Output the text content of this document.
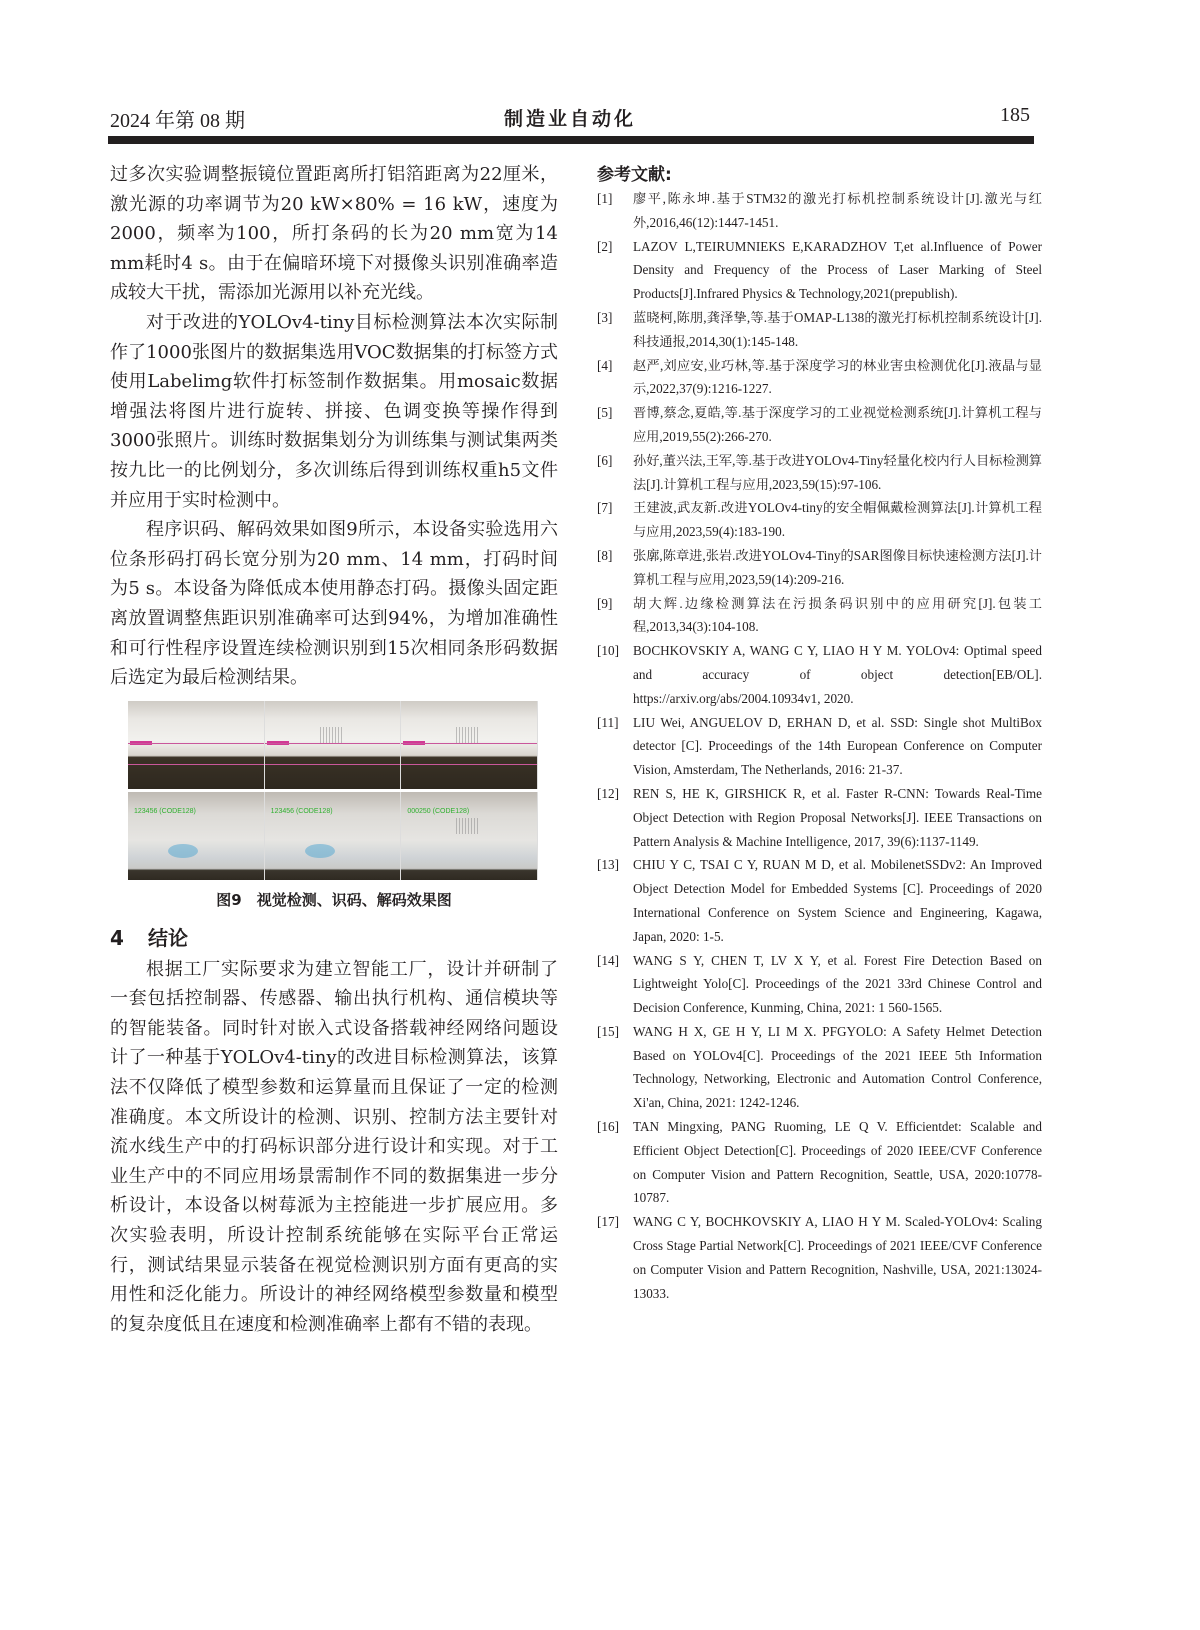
2024 年第 08 期	制造业自动化	185

过多次实验调整振镜位置距离所打铝箔距离为22厘米，激光源的功率调节为20 kW×80% = 16 kW，速度为2000，频率为100，所打条码的长为20 mm宽为14 mm耗时4 s。由于在偏暗环境下对摄像头识别准确率造成较大干扰，需添加光源用以补充光线。

对于改进的YOLOv4-tiny目标检测算法本次实际制作了1000张图片的数据集选用VOC数据集的打标签方式使用Labelimg软件打标签制作数据集。用mosaic数据增强法将图片进行旋转、拼接、色调变换等操作得到3000张照片。训练时数据集划分为训练集与测试集两类按九比一的比例划分，多次训练后得到训练权重h5文件并应用于实时检测中。

程序识码、解码效果如图9所示，本设备实验选用六位条形码打码长宽分别为20 mm、14 mm，打码时间为5 s。本设备为降低成本使用静态打码。摄像头固定距离放置调整焦距识别准确率可达到94%，为增加准确性和可行性程序设置连续检测识别到15次相同条形码数据后选定为最后检测结果。

123456 (CODE128)	123456 (CODE128)	000250 (CODE128)
图9　视觉检测、识码、解码效果图
4 结论

根据工厂实际要求为建立智能工厂，设计并研制了一套包括控制器、传感器、输出执行机构、通信模块等的智能装备。同时针对嵌入式设备搭载神经网络问题设计了一种基于YOLOv4-tiny的改进目标检测算法，该算法不仅降低了模型参数和运算量而且保证了一定的检测准确度。本文所设计的检测、识别、控制方法主要针对流水线生产中的打码标识部分进行设计和实现。对于工业生产中的不同应用场景需制作不同的数据集进一步分析设计，本设备以树莓派为主控能进一步扩展应用。多次实验表明，所设计控制系统能够在实际平台正常运行，测试结果显示装备在视觉检测识别方面有更高的实用性和泛化能力。所设计的神经网络模型参数量和模型的复杂度低且在速度和检测准确率上都有不错的表现。

参考文献:
[1]	廖平,陈永坤.基于STM32的激光打标机控制系统设计[J].激光与红外,2016,46(12):1447-1451.
[2]	LAZOV L,TEIRUMNIEKS E,KARADZHOV T,et al.Influence of Power Density and Frequency of the Process of Laser Marking of Steel Products[J].Infrared Physics & Technology,2021(prepublish).
[3]	蓝晓柯,陈朋,龚泽挚,等.基于OMAP-L138的激光打标机控制系统设计[J].科技通报,2014,30(1):145-148.
[4]	赵严,刘应安,业巧林,等.基于深度学习的林业害虫检测优化[J].液晶与显示,2022,37(9):1216-1227.
[5]	晋博,蔡念,夏皓,等.基于深度学习的工业视觉检测系统[J].计算机工程与应用,2019,55(2):266-270.
[6]	孙好,董兴法,王军,等.基于改进YOLOv4-Tiny轻量化校内行人目标检测算法[J].计算机工程与应用,2023,59(15):97-106.
[7]	王建波,武友新.改进YOLOv4-tiny的安全帽佩戴检测算法[J].计算机工程与应用,2023,59(4):183-190.
[8]	张廓,陈章进,张岩.改进YOLOv4-Tiny的SAR图像目标快速检测方法[J].计算机工程与应用,2023,59(14):209-216.
[9]	胡大辉.边缘检测算法在污损条码识别中的应用研究[J].包装工程,2013,34(3):104-108.
[10]	BOCHKOVSKIY A, WANG C Y, LIAO H Y M. YOLOv4: Optimal speed and accuracy of object detection[EB/OL]. https://arxiv.org/abs/2004.10934v1, 2020.
[11]	LIU Wei, ANGUELOV D, ERHAN D, et al. SSD: Single shot MultiBox detector [C]. Proceedings of the 14th European Conference on Computer Vision, Amsterdam, The Netherlands, 2016: 21-37.
[12]	REN S, HE K, GIRSHICK R, et al. Faster R-CNN: Towards Real-Time Object Detection with Region Proposal Networks[J]. IEEE Transactions on Pattern Analysis & Machine Intelligence, 2017, 39(6):1137-1149.
[13]	CHIU Y C, TSAI C Y, RUAN M D, et al. MobilenetSSDv2: An Improved Object Detection Model for Embedded Systems [C]. Proceedings of 2020 International Conference on System Science and Engineering, Kagawa, Japan, 2020: 1-5.
[14]	WANG S Y, CHEN T, LV X Y, et al. Forest Fire Detection Based on Lightweight Yolo[C]. Proceedings of the 2021 33rd Chinese Control and Decision Conference, Kunming, China, 2021: 1 560-1565.
[15]	WANG H X, GE H Y, LI M X. PFGYOLO: A Safety Helmet Detection Based on YOLOv4[C]. Proceedings of the 2021 IEEE 5th Information Technology, Networking, Electronic and Automation Control Conference, Xi'an, China, 2021: 1242-1246.
[16]	TAN Mingxing, PANG Ruoming, LE Q V. Efficientdet: Scalable and Efficient Object Detection[C]. Proceedings of 2020 IEEE/CVF Conference on Computer Vision and Pattern Recognition, Seattle, USA, 2020:10778-10787.
[17]	WANG C Y, BOCHKOVSKIY A, LIAO H Y M. Scaled-YOLOv4: Scaling Cross Stage Partial Network[C]. Proceedings of 2021 IEEE/CVF Conference on Computer Vision and Pattern Recognition, Nashville, USA, 2021:13024-13033.
